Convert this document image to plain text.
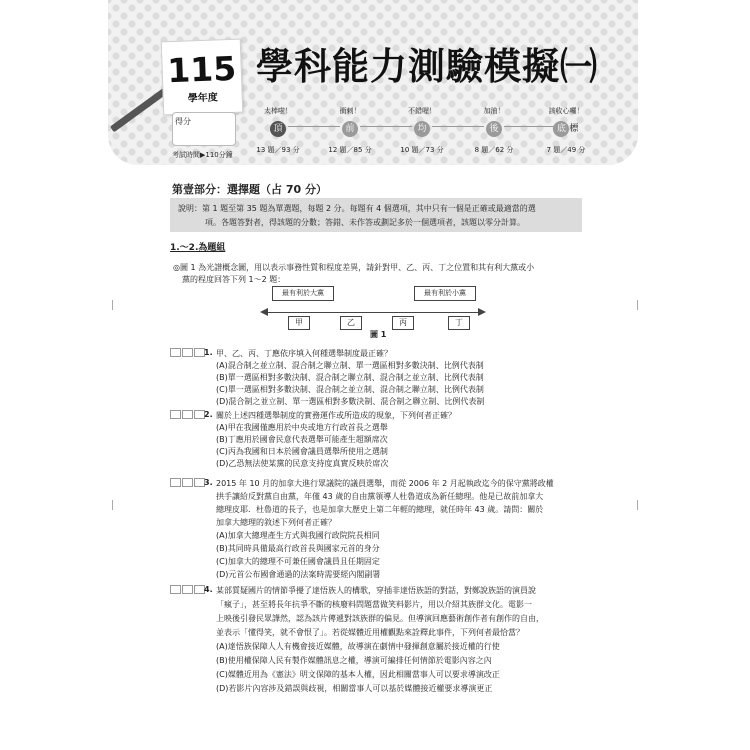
115
學年度
學科能力測驗模擬㈠
得分
考試時間▶110分鐘
太棒啦！
頂
13 題／93 分
衝刺！
前
12 題／85 分
不錯喔！
均
10 題／73 分
加油！
後
8 題／62 分
該收心囉！
底 標
7 題／49 分
第壹部分：選擇題（占 70 分）
說明：第 1 題至第 35 題為單選題，每題 2 分。每題有 4 個選項，其中只有一個是正確或最適當的選
項。各題答對者，得該題的分數；答錯、未作答或劃記多於一個選項者，該題以零分計算。
1.～2.為題組
◎圖 1 為光譜概念圖，用以表示事務性質和程度差異，請針對甲、乙、丙、丁之位置和其有利大黨或小
黨的程度回答下列 1～2 題：
最有利於大黨	最有利於小黨
甲	乙	丙	丁
圖 1
1. 甲、乙、丙、丁應依序填入何種選舉制度最正確？
(A)混合制之並立制、混合制之聯立制、單一選區相對多數決制、比例代表制
(B)單一選區相對多數決制、混合制之聯立制、混合制之並立制、比例代表制
(C)單一選區相對多數決制、混合制之並立制、混合制之聯立制、比例代表制
(D)混合制之並立制、單一選區相對多數決制、混合制之聯立制、比例代表制
2. 關於上述四種選舉制度的實務運作或所造成的現象，下列何者正確？
(A)甲在我國僅應用於中央或地方行政首長之選舉
(B)丁應用於國會民意代表選舉可能產生超額席次
(C)丙為我國和日本於國會議員選舉所使用之選制
(D)乙恐無法使某黨的民意支持度真實反映於席次
3. 2015 年 10 月的加拿大進行眾議院的議員選舉，而從 2006 年 2 月起執政迄今的保守黨將政權
拱手讓給反對黨自由黨，年僅 43 歲的自由黨領導人杜魯道成為新任總理。他是已故前加拿大
總理皮耶．杜魯道的長子，也是加拿大歷史上第二年輕的總理，就任時年 43 歲。請問：關於
加拿大總理的敘述下列何者正確？
(A)加拿大總理產生方式與我國行政院院長相同
(B)其同時具備最高行政首長與國家元首的身分
(C)加拿大的總理不可兼任國會議員且任期固定
(D)元首公布國會通過的法案時需要經內閣副署
4. 某部質疑國片的情節爭擾了達悟族人的構歌，穿插非達悟族語的對話，對鄭說族語的演員說
「瘋子」，甚至將長年抗爭不斷的核廢料問題當做笑料影片，用以介紹其族群文化。電影一
上映後引發民眾譁然，認為該片傳遞對該族群的偏見。但導演回應藝術創作者有創作的自由，
並表示「懂得笑，就不會恨了」。若從媒體近用權觀點來詮釋此事件，下列何者最恰當？
(A)達悟族保障人人有機會接近媒體，故導演在劇情中發揮創意屬於接近權的行使
(B)使用權保障人民有製作媒體訊息之權，導演可編排任何情節於電影內容之內
(C)媒體近用為《憲法》明文保障的基本人權，因此相關當事人可以要求導演改正
(D)若影片內容涉及錯誤與歧視，相關當事人可以基於媒體接近權要求導演更正
